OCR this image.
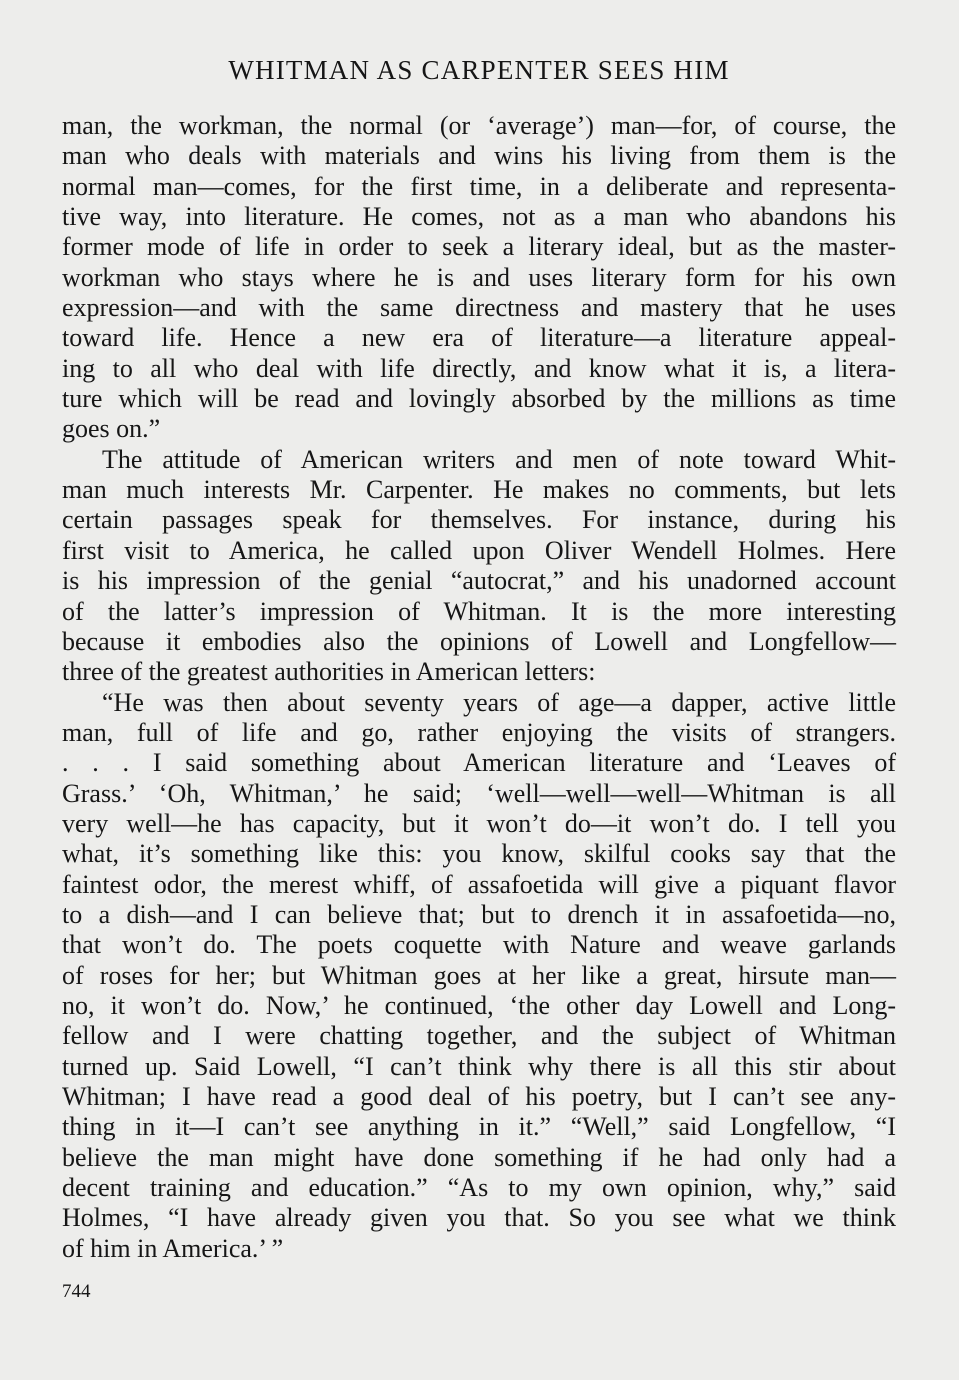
WHITMAN AS CARPENTER SEES HIM
man, the workman, the normal (or ‘average’) man—for, of course, the
man who deals with materials and wins his living from them is the
normal man—comes, for the first time, in a deliberate and representa-
tive way, into literature. He comes, not as a man who abandons his
former mode of life in order to seek a literary ideal, but as the master-
workman who stays where he is and uses literary form for his own
expression—and with the same directness and mastery that he uses
toward life. Hence a new era of literature—a literature appeal-
ing to all who deal with life directly, and know what it is, a litera-
ture which will be read and lovingly absorbed by the millions as time
goes on.”
The attitude of American writers and men of note toward Whit-
man much interests Mr. Carpenter. He makes no comments, but lets
certain passages speak for themselves. For instance, during his
first visit to America, he called upon Oliver Wendell Holmes. Here
is his impression of the genial “autocrat,” and his unadorned account
of the latter’s impression of Whitman. It is the more interesting
because it embodies also the opinions of Lowell and Longfellow—
three of the greatest authorities in American letters:
“He was then about seventy years of age—a dapper, active little
man, full of life and go, rather enjoying the visits of strangers.
. . . I said something about American literature and ‘Leaves of
Grass.’ ‘Oh, Whitman,’ he said; ‘well—well—well—Whitman is all
very well—he has capacity, but it won’t do—it won’t do. I tell you
what, it’s something like this: you know, skilful cooks say that the
faintest odor, the merest whiff, of assafoetida will give a piquant flavor
to a dish—and I can believe that; but to drench it in assafoetida—no,
that won’t do. The poets coquette with Nature and weave garlands
of roses for her; but Whitman goes at her like a great, hirsute man—
no, it won’t do. Now,’ he continued, ‘the other day Lowell and Long-
fellow and I were chatting together, and the subject of Whitman
turned up. Said Lowell, “I can’t think why there is all this stir about
Whitman; I have read a good deal of his poetry, but I can’t see any-
thing in it—I can’t see anything in it.” “Well,” said Longfellow, “I
believe the man might have done something if he had only had a
decent training and education.” “As to my own opinion, why,” said
Holmes, “I have already given you that. So you see what we think
of him in America.’ ”
744
